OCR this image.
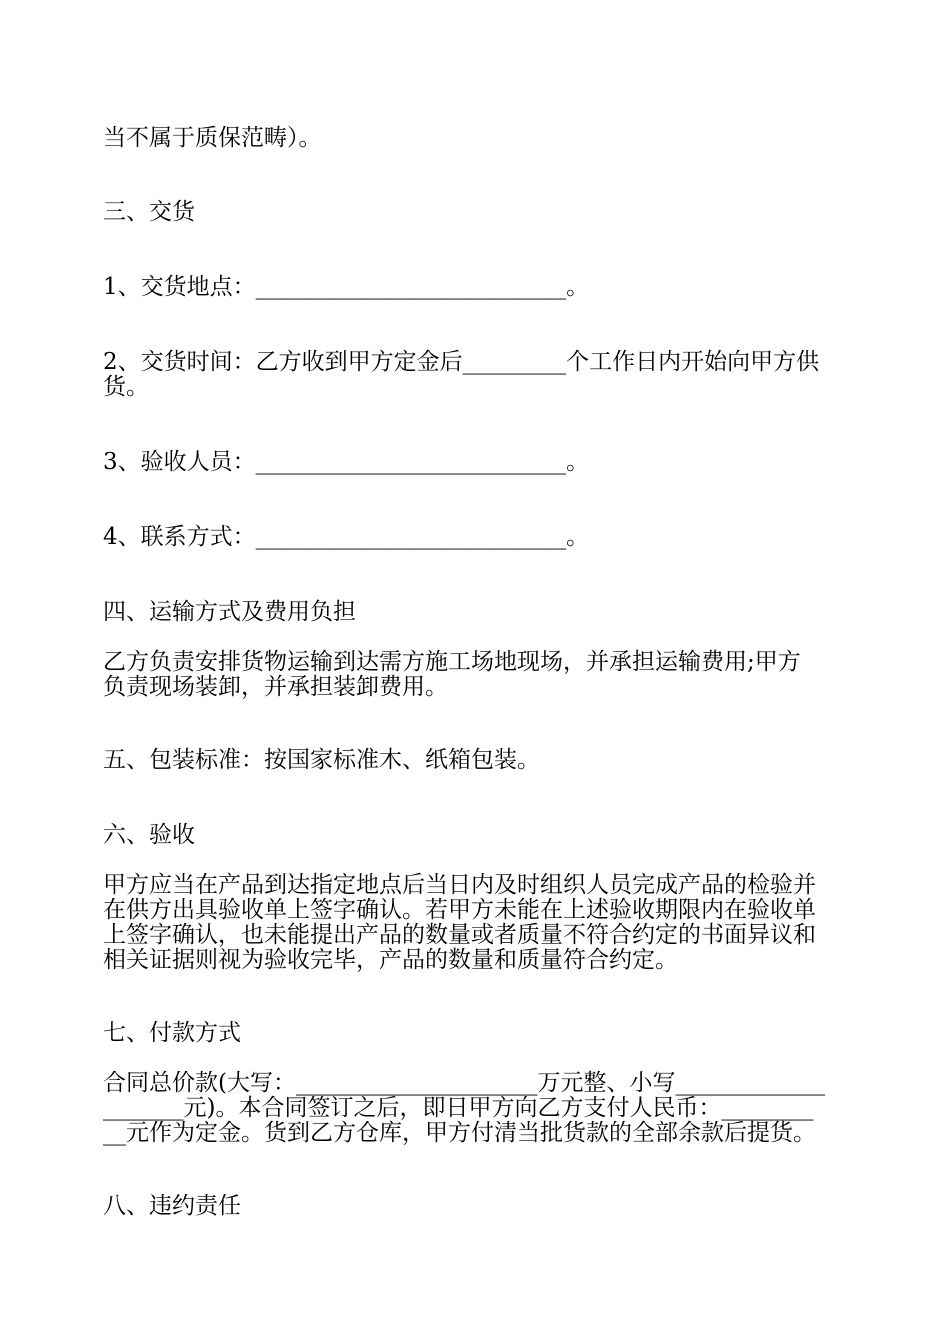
当不属于质保范畴）。

三、交货

1、交货地点：___________________________。

2、交货时间：乙方收到甲方定金后_________个工作日内开始向甲方供

货。

3、验收人员：___________________________。

4、联系方式：___________________________。

四、运输方式及费用负担

乙方负责安排货物运输到达需方施工场地现场，并承担运输费用;甲方

负责现场装卸，并承担装卸费用。

五、包装标准：按国家标准木、纸箱包装。

六、验收

甲方应当在产品到达指定地点后当日内及时组织人员完成产品的检验并

在供方出具验收单上签字确认。若甲方未能在上述验收期限内在验收单

上签字确认，也未能提出产品的数量或者质量不符合约定的书面异议和

相关证据则视为验收完毕，产品的数量和质量符合约定。

七、付款方式

合同总价款(大写：_____________________万元整、小写_____________

_______元)。本合同签订之后，即日甲方向乙方支付人民币：________

__元作为定金。货到乙方仓库，甲方付清当批货款的全部余款后提货。

八、违约责任
